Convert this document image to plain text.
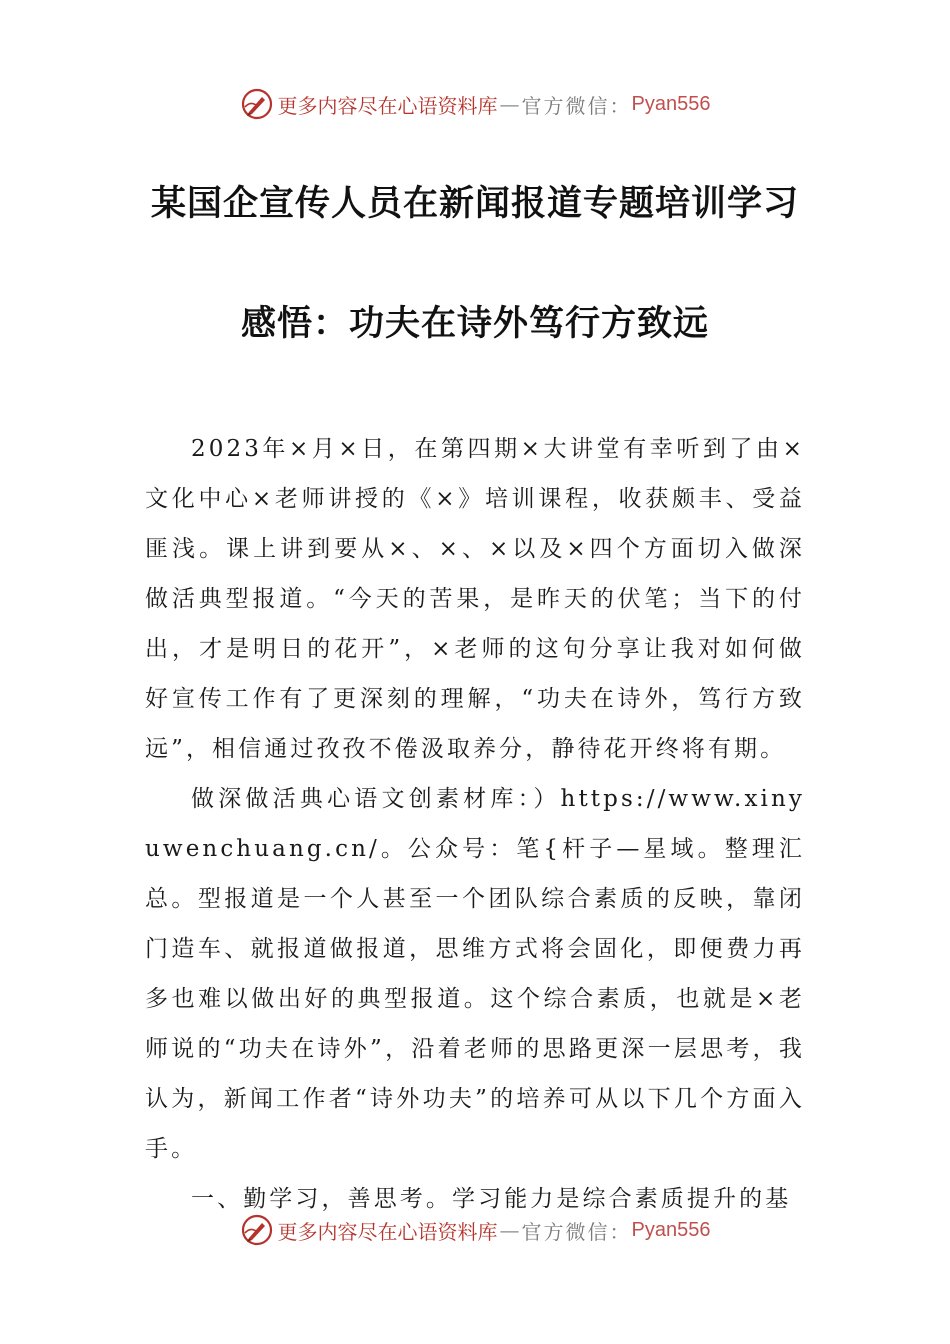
更多内容尽在心语资料库 — 官方微信： Pyan556
某国企宣传人员在新闻报道专题培训学习
感悟：功夫在诗外笃行方致远

2023年×月×日，在第四期×大讲堂有幸听到了由×文化中心×老师讲授的《×》培训课程，收获颇丰、受益匪浅。课上讲到要从×、×、×以及×四个方面切入做深做活典型报道。“今天的苦果，是昨天的伏笔；当下的付出，才是明日的花开”，×老师的这句分享让我对如何做好宣传工作有了更深刻的理解，“功夫在诗外，笃行方致远”，相信通过孜孜不倦汲取养分，静待花开终将有期。

做深做活典心语文创素材库：）https://www.xinyuwenchuang.cn/。公众号：笔{杆子—星域。整理汇总。型报道是一个人甚至一个团队综合素质的反映，靠闭门造车、就报道做报道，思维方式将会固化，即便费力再多也难以做出好的典型报道。这个综合素质，也就是×老师说的“功夫在诗外”，沿着老师的思路更深一层思考，我认为，新闻工作者“诗外功夫”的培养可从以下几个方面入手。

一、勤学习，善思考。学习能力是综合素质提升的基

更多内容尽在心语资料库 — 官方微信： Pyan556
